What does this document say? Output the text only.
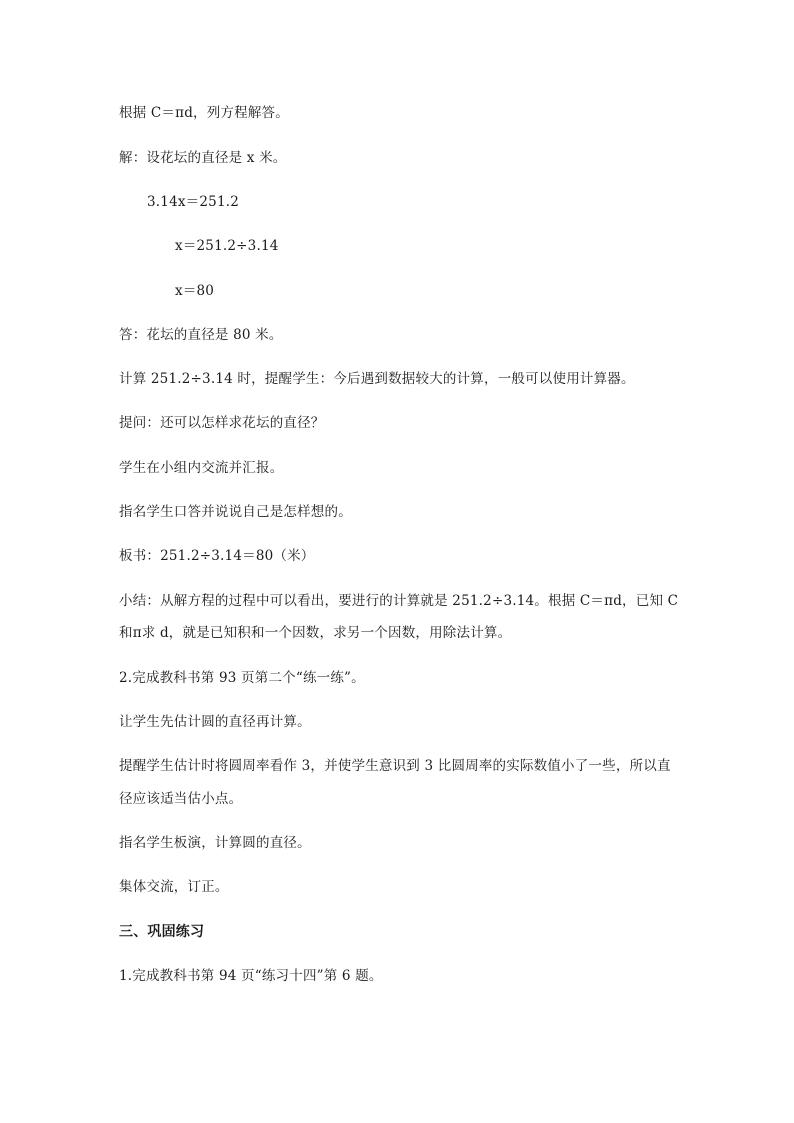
根据 C＝πd，列方程解答。
解：设花坛的直径是 x 米。
3.14x＝251.2
x＝251.2÷3.14
x＝80
答：花坛的直径是 80 米。
计算 251.2÷3.14 时，提醒学生：今后遇到数据较大的计算，一般可以使用计算器。
提问：还可以怎样求花坛的直径？
学生在小组内交流并汇报。
指名学生口答并说说自己是怎样想的。
板书：251.2÷3.14＝80（米）
小结：从解方程的过程中可以看出，要进行的计算就是 251.2÷3.14。根据 C＝πd，已知 C
和π求 d，就是已知积和一个因数，求另一个因数，用除法计算。
2.完成教科书第 93 页第二个“练一练”。
让学生先估计圆的直径再计算。
提醒学生估计时将圆周率看作 3，并使学生意识到 3 比圆周率的实际数值小了一些，所以直
径应该适当估小点。
指名学生板演，计算圆的直径。
集体交流，订正。
三、巩固练习
1.完成教科书第 94 页“练习十四”第 6 题。
